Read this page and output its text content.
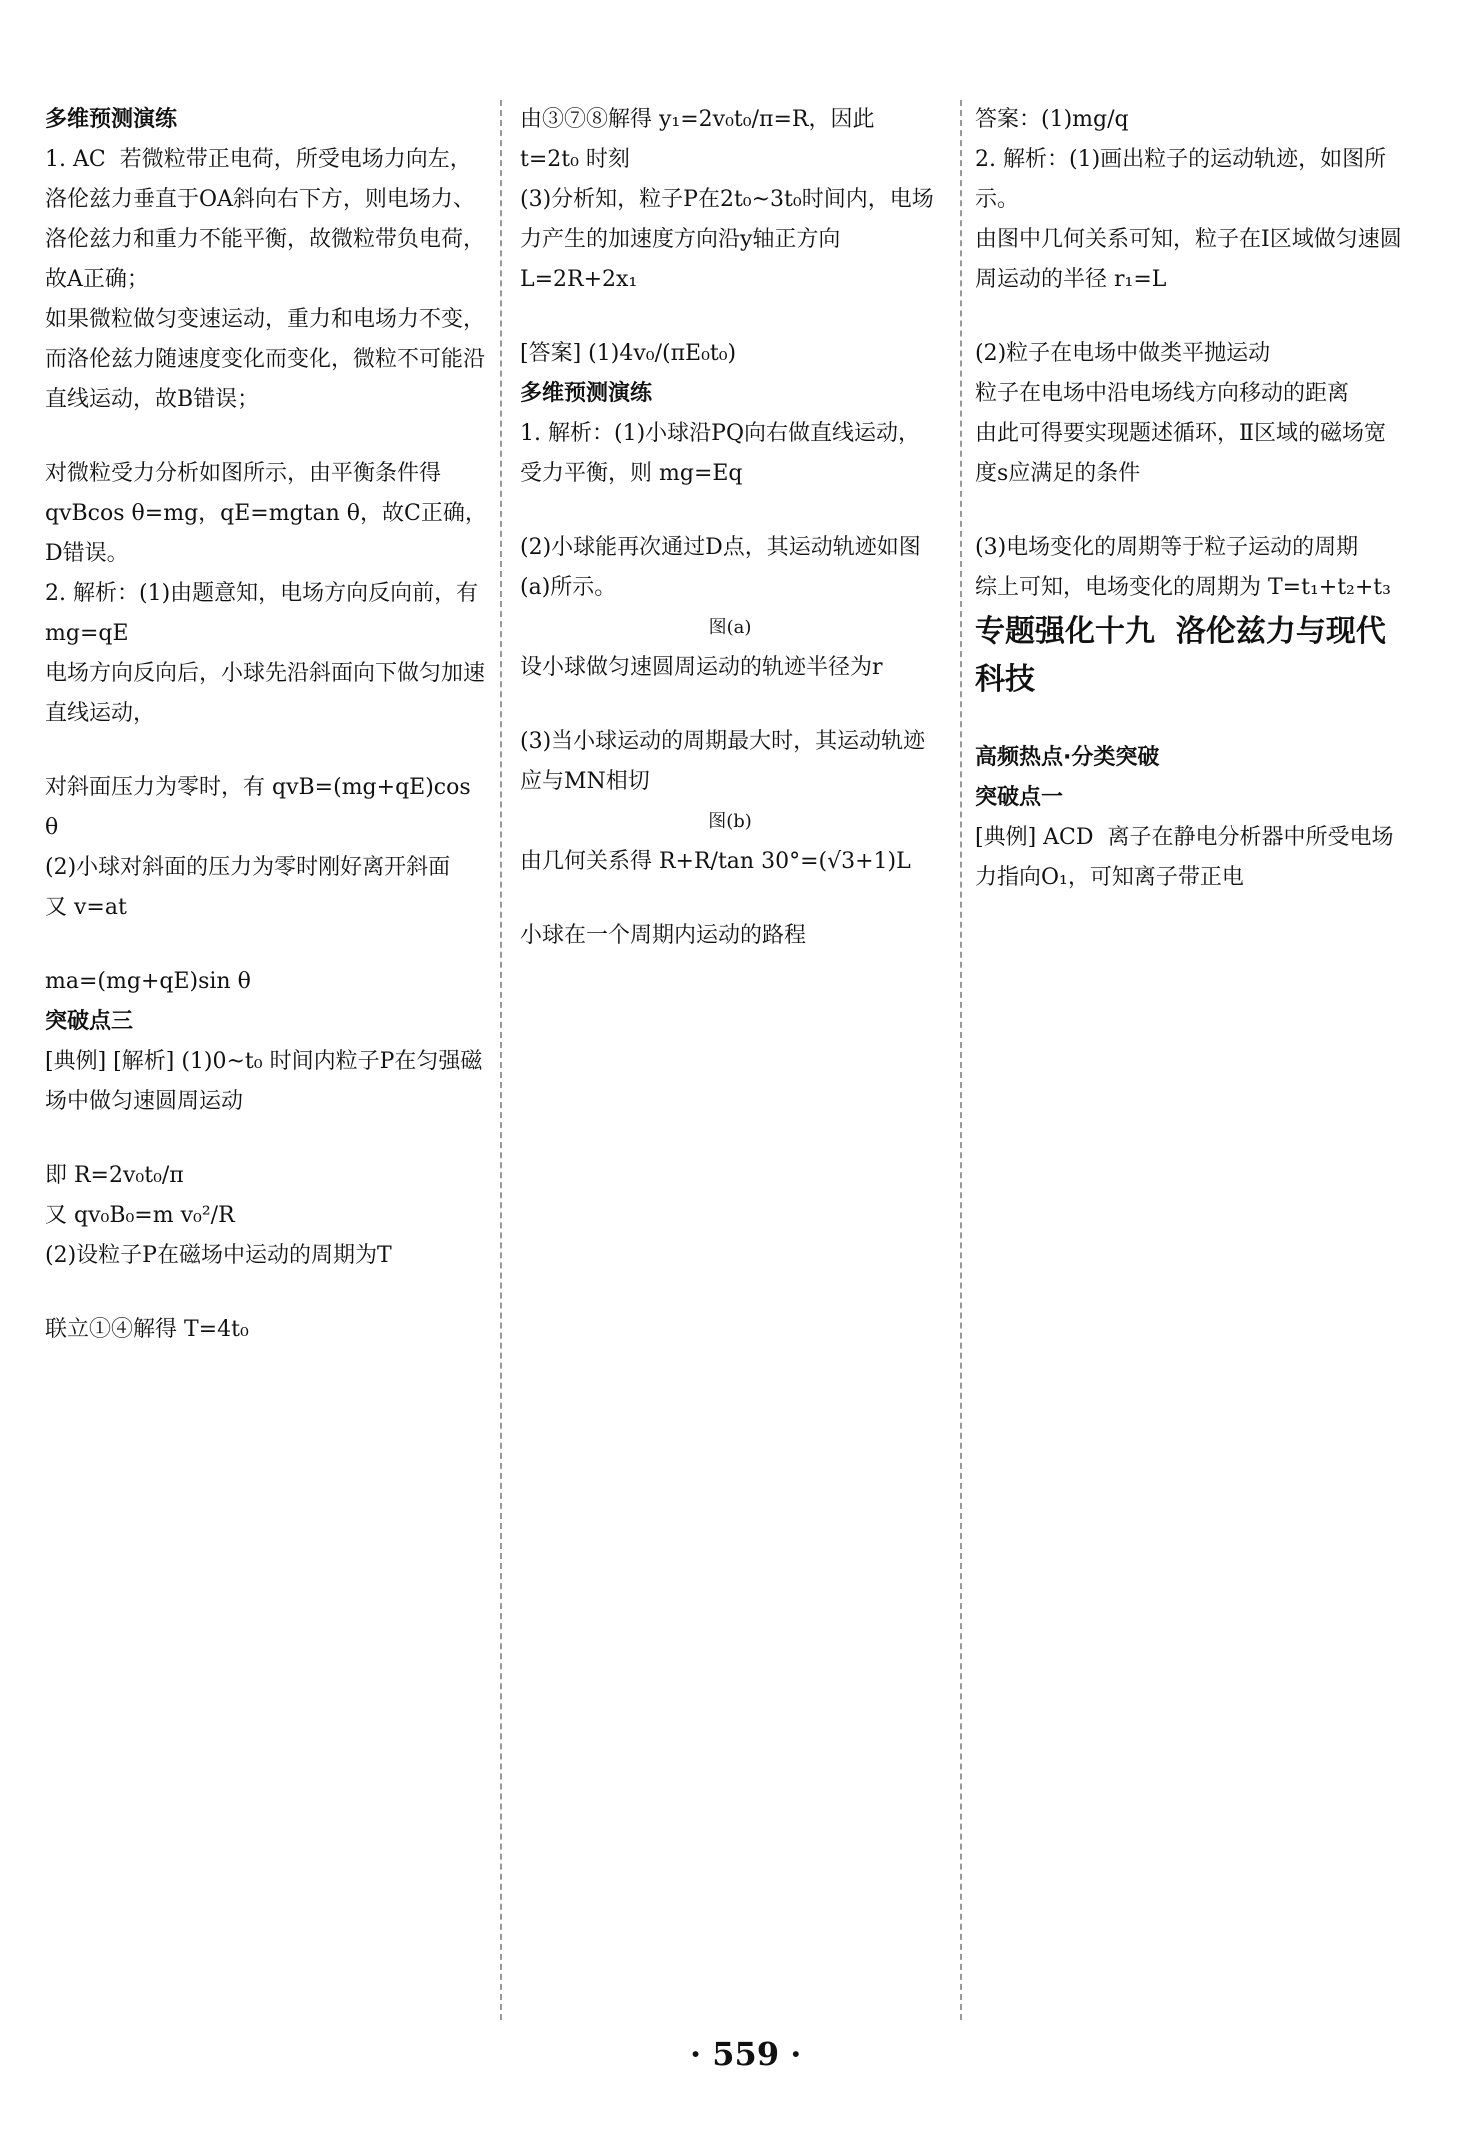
多维预测演练
1. AC  若微粒带正电荷，所受电场力向左，洛伦兹力垂直于OA斜向右下方，则电场力、洛伦兹力和重力不能平衡，故微粒带负电荷，故A正确；
如果微粒做匀变速运动，重力和电场力不变，而洛伦兹力随速度变化而变化，微粒不可能沿直线运动，故B错误；
对微粒受力分析如图所示，由平衡条件得 qvBcos θ=mg，qE=mgtan θ，故C正确，D错误。
2. 解析：(1)由题意知，电场方向反向前，有 mg=qE
电场方向反向后，小球先沿斜面向下做匀加速直线运动，
对斜面压力为零时，有 qvB=(mg+qE)cos θ
(2)小球对斜面的压力为零时刚好离开斜面
又 v=at
ma=(mg+qE)sin θ
突破点三
[典例] [解析] (1)0~t₀ 时间内粒子P在匀强磁场中做匀速圆周运动
即 R=2v₀t₀/π
又 qv₀B₀=m v₀²/R
(2)设粒子P在磁场中运动的周期为T
联立①④解得 T=4t₀
由③⑦⑧解得 y₁=2v₀t₀/π=R，因此 t=2t₀ 时刻
(3)分析知，粒子P在2t₀~3t₀时间内，电场力产生的加速度方向沿y轴正方向
L=2R+2x₁
[答案] (1)4v₀/(πE₀t₀)
多维预测演练
1. 解析：(1)小球沿PQ向右做直线运动，受力平衡，则 mg=Eq
(2)小球能再次通过D点，其运动轨迹如图(a)所示。
图(a)
设小球做匀速圆周运动的轨迹半径为r
(3)当小球运动的周期最大时，其运动轨迹应与MN相切
图(b)
由几何关系得 R+R/tan 30°=(√3+1)L
小球在一个周期内运动的路程
答案：(1)mg/q
2. 解析：(1)画出粒子的运动轨迹，如图所示。
由图中几何关系可知，粒子在Ⅰ区域做匀速圆周运动的半径 r₁=L
(2)粒子在电场中做类平抛运动
粒子在电场中沿电场线方向移动的距离
由此可得要实现题述循环，Ⅱ区域的磁场宽度s应满足的条件
(3)电场变化的周期等于粒子运动的周期
综上可知，电场变化的周期为 T=t₁+t₂+t₃
专题强化十九  洛伦兹力与现代科技
高频热点·分类突破
突破点一
[典例] ACD  离子在静电分析器中所受电场力指向O₁，可知离子带正电
· 559 ·
